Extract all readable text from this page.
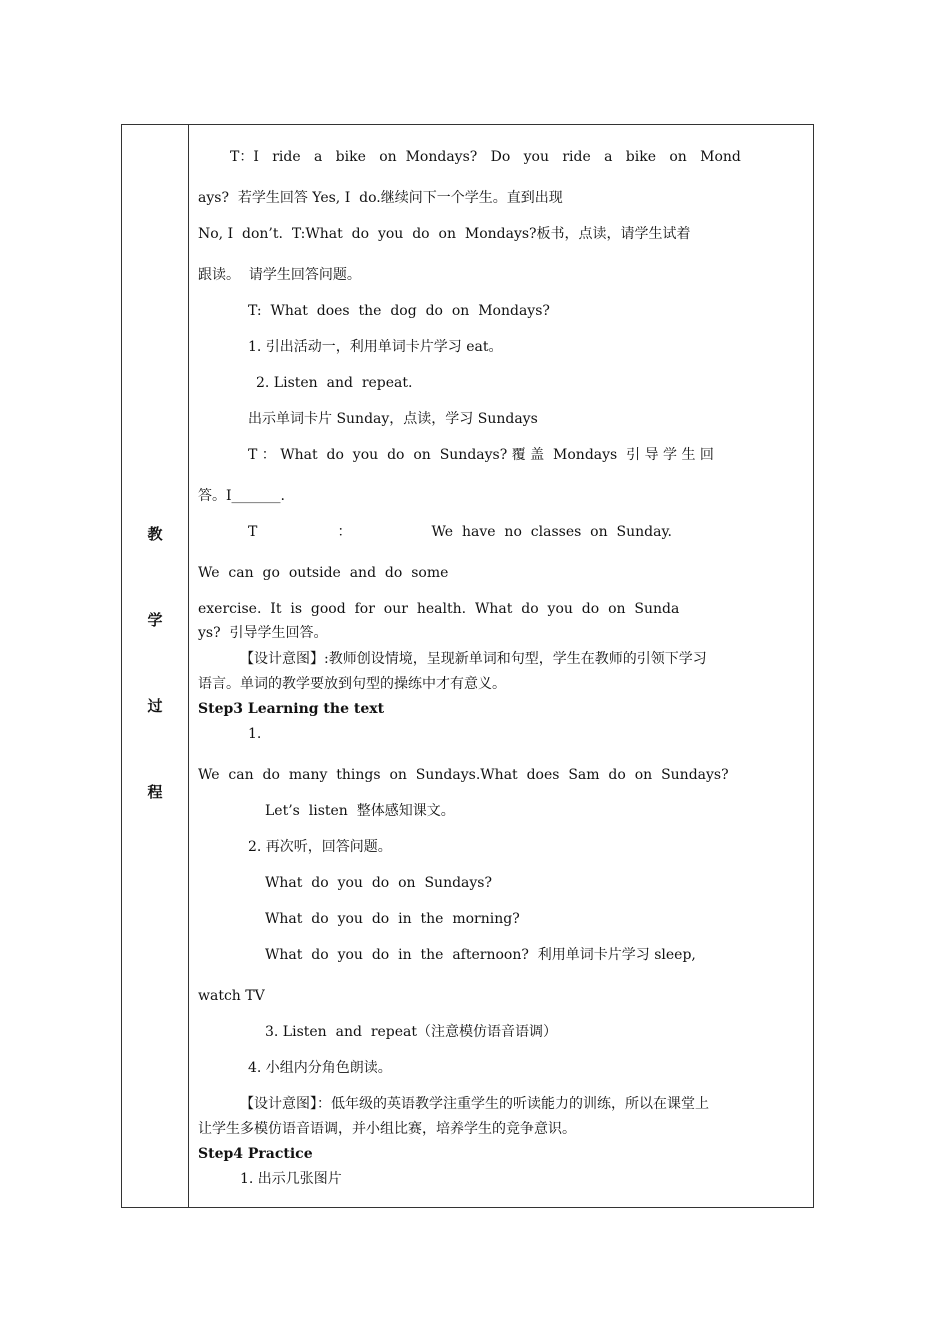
教
学
过
程
T：I   ride   a   bike   on  Mondays?   Do   you   ride   a   bike   on   Mond
ays?  若学生回答 Yes, I  do.继续问下一个学生。直到出现
No, I  don’t.  T:What  do  you  do  on  Mondays?板书，点读，请学生试着
跟读。  请学生回答问题。
T:  What  does  the  dog  do  on  Mondays?
1. 引出活动一，利用单词卡片学习 eat。
2. Listen  and  repeat.
出示单词卡片 Sunday，点读，学习 Sundays
T ： What  do  you  do  on  Sundays? 覆 盖  Mondays  引 导 学 生 回
答。I_______.
T                  ：                  We  have  no  classes  on  Sunday.
We  can  go  outside  and  do  some
exercise.  It  is  good  for  our  health.  What  do  you  do  on  Sunda
ys?  引导学生回答。
【设计意图】:教师创设情境，呈现新单词和句型，学生在教师的引领下学习
语言。单词的教学要放到句型的操练中才有意义。
Step3 Learning the text
1.
We  can  do  many  things  on  Sundays.What  does  Sam  do  on  Sundays?
Let’s  listen  整体感知课文。
2. 再次听，回答问题。
What  do  you  do  on  Sundays?
What  do  you  do  in  the  morning?
What  do  you  do  in  the  afternoon?  利用单词卡片学习 sleep,
watch TV
3. Listen  and  repeat（注意模仿语音语调）
4. 小组内分角色朗读。
【设计意图】：低年级的英语教学注重学生的听读能力的训练，所以在课堂上
让学生多模仿语音语调，并小组比赛，培养学生的竞争意识。
Step4 Practice
1. 出示几张图片
